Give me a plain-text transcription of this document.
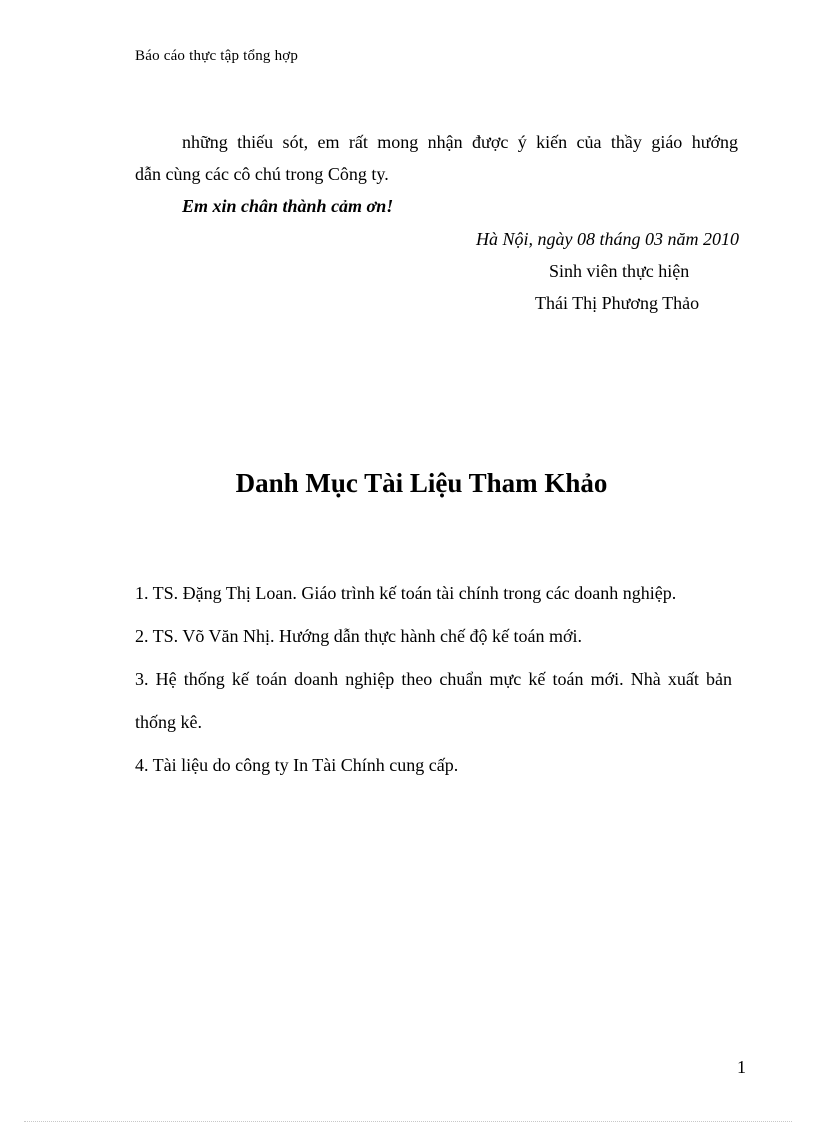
Báo cáo thực tập tổng hợp

những thiếu sót, em rất mong nhận được ý kiến của thầy giáo hướng
dẫn cùng các cô chú trong Công ty.

Em xin chân thành cảm ơn!
Hà Nội, ngày 08 tháng 03 năm 2010
Sinh viên thực hiện
Thái Thị Phương Thảo
Danh Mục Tài Liệu Tham Khảo
1. TS. Đặng Thị Loan. Giáo trình kế toán tài chính trong các doanh nghiệp.
2. TS. Võ Văn Nhị. Hướng dẫn thực hành chế độ kế toán mới.
3. Hệ thống kế toán doanh nghiệp theo chuẩn mực kế toán mới. Nhà xuất bản thống kê.
4. Tài liệu do công ty In Tài Chính cung cấp.
1
